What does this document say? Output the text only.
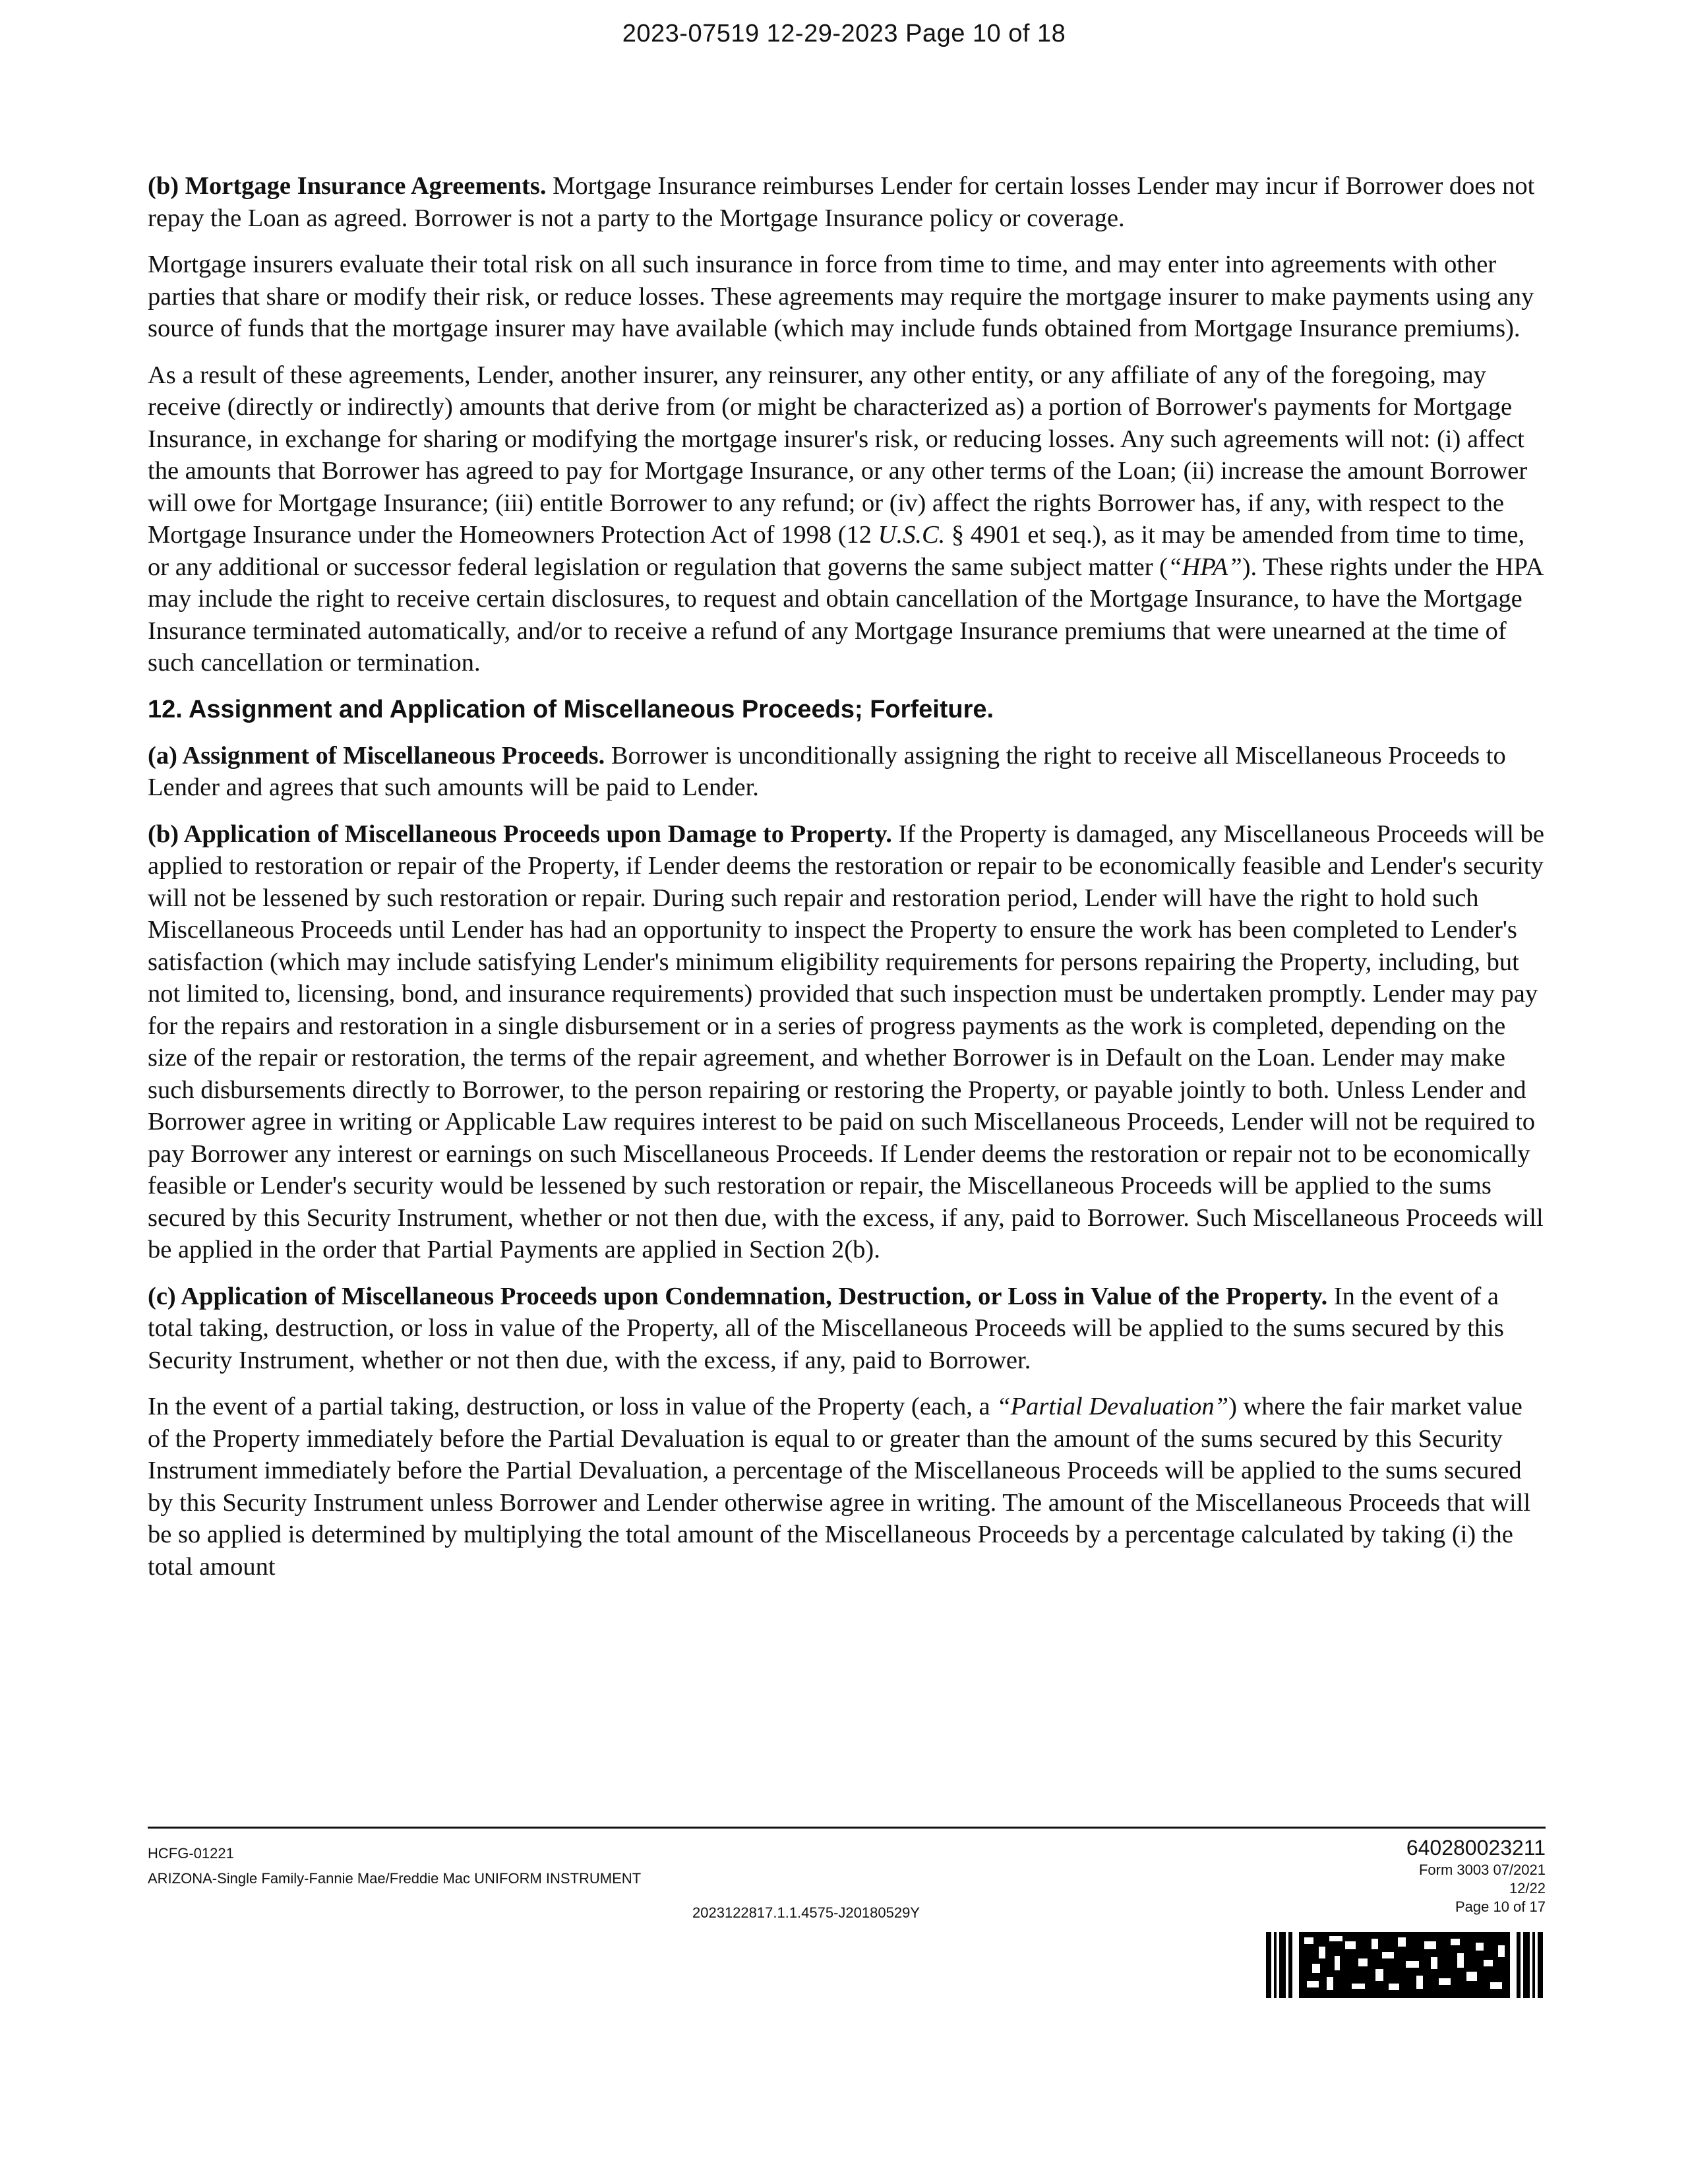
2023-07519 12-29-2023 Page 10 of 18

(b) Mortgage Insurance Agreements. Mortgage Insurance reimburses Lender for certain losses Lender may incur if Borrower does not repay the Loan as agreed. Borrower is not a party to the Mortgage Insurance policy or coverage.

Mortgage insurers evaluate their total risk on all such insurance in force from time to time, and may enter into agreements with other parties that share or modify their risk, or reduce losses. These agreements may require the mortgage insurer to make payments using any source of funds that the mortgage insurer may have available (which may include funds obtained from Mortgage Insurance premiums).

As a result of these agreements, Lender, another insurer, any reinsurer, any other entity, or any affiliate of any of the foregoing, may receive (directly or indirectly) amounts that derive from (or might be characterized as) a portion of Borrower's payments for Mortgage Insurance, in exchange for sharing or modifying the mortgage insurer's risk, or reducing losses. Any such agreements will not: (i) affect the amounts that Borrower has agreed to pay for Mortgage Insurance, or any other terms of the Loan; (ii) increase the amount Borrower will owe for Mortgage Insurance; (iii) entitle Borrower to any refund; or (iv) affect the rights Borrower has, if any, with respect to the Mortgage Insurance under the Homeowners Protection Act of 1998 (12 U.S.C. § 4901 et seq.), as it may be amended from time to time, or any additional or successor federal legislation or regulation that governs the same subject matter (“HPA”). These rights under the HPA may include the right to receive certain disclosures, to request and obtain cancellation of the Mortgage Insurance, to have the Mortgage Insurance terminated automatically, and/or to receive a refund of any Mortgage Insurance premiums that were unearned at the time of such cancellation or termination.

12. Assignment and Application of Miscellaneous Proceeds; Forfeiture.

(a) Assignment of Miscellaneous Proceeds. Borrower is unconditionally assigning the right to receive all Miscellaneous Proceeds to Lender and agrees that such amounts will be paid to Lender.

(b) Application of Miscellaneous Proceeds upon Damage to Property. If the Property is damaged, any Miscellaneous Proceeds will be applied to restoration or repair of the Property, if Lender deems the restoration or repair to be economically feasible and Lender's security will not be lessened by such restoration or repair. During such repair and restoration period, Lender will have the right to hold such Miscellaneous Proceeds until Lender has had an opportunity to inspect the Property to ensure the work has been completed to Lender's satisfaction (which may include satisfying Lender's minimum eligibility requirements for persons repairing the Property, including, but not limited to, licensing, bond, and insurance requirements) provided that such inspection must be undertaken promptly. Lender may pay for the repairs and restoration in a single disbursement or in a series of progress payments as the work is completed, depending on the size of the repair or restoration, the terms of the repair agreement, and whether Borrower is in Default on the Loan. Lender may make such disbursements directly to Borrower, to the person repairing or restoring the Property, or payable jointly to both. Unless Lender and Borrower agree in writing or Applicable Law requires interest to be paid on such Miscellaneous Proceeds, Lender will not be required to pay Borrower any interest or earnings on such Miscellaneous Proceeds. If Lender deems the restoration or repair not to be economically feasible or Lender's security would be lessened by such restoration or repair, the Miscellaneous Proceeds will be applied to the sums secured by this Security Instrument, whether or not then due, with the excess, if any, paid to Borrower. Such Miscellaneous Proceeds will be applied in the order that Partial Payments are applied in Section 2(b).

(c) Application of Miscellaneous Proceeds upon Condemnation, Destruction, or Loss in Value of the Property. In the event of a total taking, destruction, or loss in value of the Property, all of the Miscellaneous Proceeds will be applied to the sums secured by this Security Instrument, whether or not then due, with the excess, if any, paid to Borrower.

In the event of a partial taking, destruction, or loss in value of the Property (each, a “Partial Devaluation”) where the fair market value of the Property immediately before the Partial Devaluation is equal to or greater than the amount of the sums secured by this Security Instrument immediately before the Partial Devaluation, a percentage of the Miscellaneous Proceeds will be applied to the sums secured by this Security Instrument unless Borrower and Lender otherwise agree in writing. The amount of the Miscellaneous Proceeds that will be so applied is determined by multiplying the total amount of the Miscellaneous Proceeds by a percentage calculated by taking (i) the total amount

HCFG-01221
ARIZONA-Single Family-Fannie Mae/Freddie Mac UNIFORM INSTRUMENT
2023122817.1.1.4575-J20180529Y
640280023211
Form 3003 07/2021
12/22
Page 10 of 17
